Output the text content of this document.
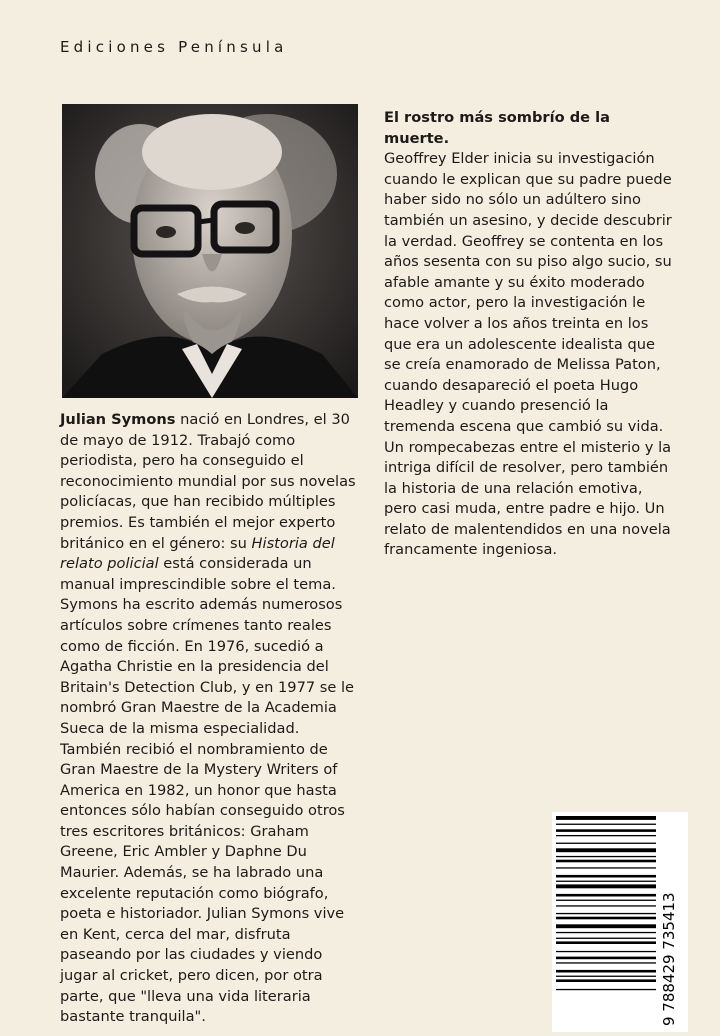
Ediciones Península
Julian Symons nació en Londres, el 30 de mayo de 1912. Trabajó como periodista, pero ha conseguido el reconocimiento mundial por sus novelas policíacas, que han recibido múltiples premios. Es también el mejor experto británico en el género: su Historia del relato policial está considerada un manual imprescindible sobre el tema. Symons ha escrito además numerosos artículos sobre crímenes tanto reales como de ficción. En 1976, sucedió a Agatha Christie en la presidencia del Britain's Detection Club, y en 1977 se le nombró Gran Maestre de la Academia Sueca de la misma especialidad. También recibió el nombramiento de Gran Maestre de la Mystery Writers of America en 1982, un honor que hasta entonces sólo habían conseguido otros tres escritores británicos: Graham Greene, Eric Ambler y Daphne Du Maurier. Además, se ha labrado una excelente reputación como biógrafo, poeta e historiador. Julian Symons vive en Kent, cerca del mar, disfruta paseando por las ciudades y viendo jugar al cricket, pero dicen, por otra parte, que "lleva una vida literaria bastante tranquila".
El rostro más sombrío de la muerte.
Geoffrey Elder inicia su investigación cuando le explican que su padre puede haber sido no sólo un adúltero sino también un asesino, y decide descubrir la verdad. Geoffrey se contenta en los años sesenta con su piso algo sucio, su afable amante y su éxito moderado como actor, pero la investigación le hace volver a los años treinta en los que era un adolescente idealista que se creía enamorado de Melissa Paton, cuando desapareció el poeta Hugo Headley y cuando presenció la tremenda escena que cambió su vida. Un rompecabezas entre el misterio y la intriga difícil de resolver, pero también la historia de una relación emotiva, pero casi muda, entre padre e hijo. Un relato de malentendidos en una novela francamente ingeniosa.
9 788429 735413
